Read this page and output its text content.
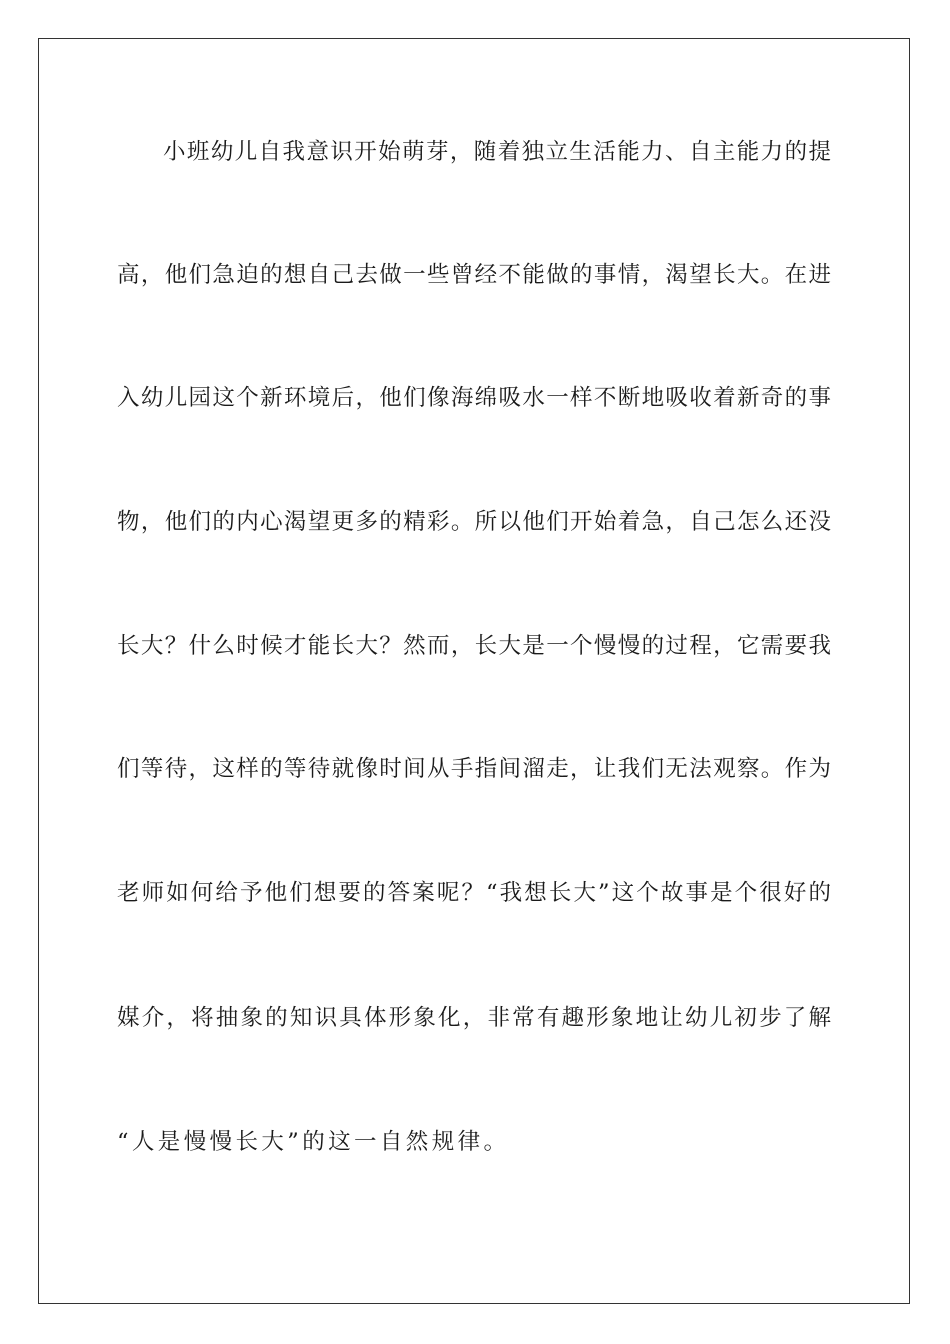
小班幼儿自我意识开始萌芽，随着独立生活能力、自主能力的提
高，他们急迫的想自己去做一些曾经不能做的事情，渴望长大。在进
入幼儿园这个新环境后，他们像海绵吸水一样不断地吸收着新奇的事
物，他们的内心渴望更多的精彩。所以他们开始着急，自己怎么还没
长大？什么时候才能长大？然而，长大是一个慢慢的过程，它需要我
们等待，这样的等待就像时间从手指间溜走，让我们无法观察。作为
老师如何给予他们想要的答案呢？“我想长大”这个故事是个很好的
媒介，将抽象的知识具体形象化，非常有趣形象地让幼儿初步了解
“人是慢慢长大”的这一自然规律。
